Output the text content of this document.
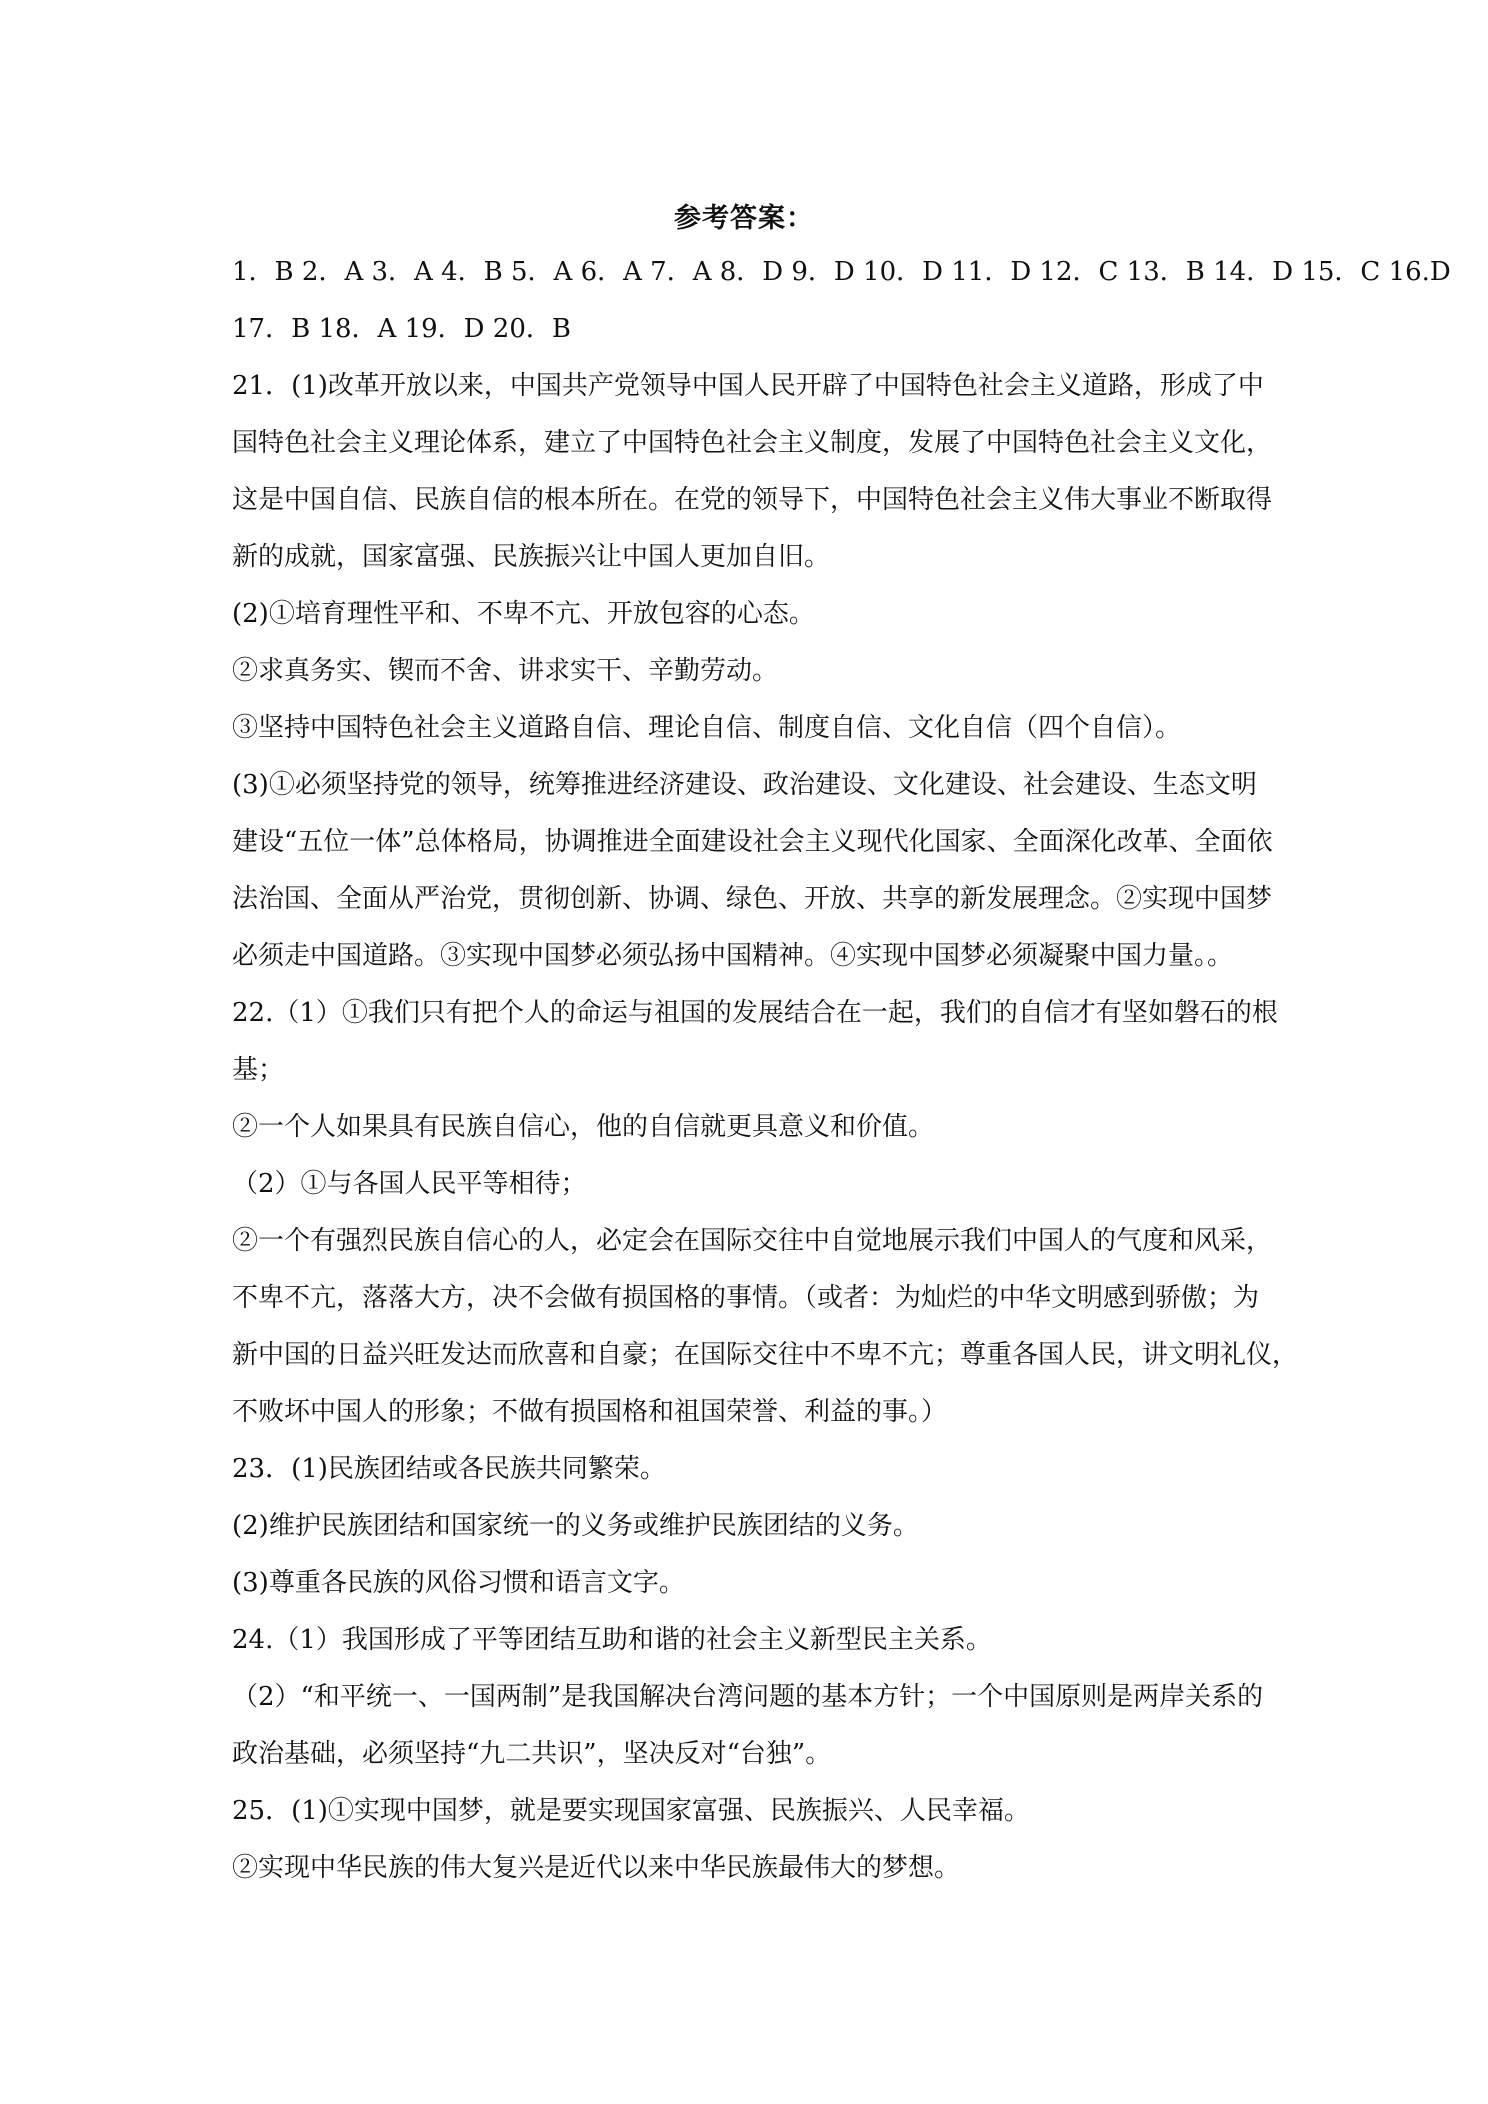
参考答案：
1．B 2．A 3．A 4．B 5．A 6．A 7．A 8．D 9．D 10．D 11．D 12．C 13．B 14．D 15．C 16.D
17．B 18．A 19．D 20．B
21．(1)改革开放以来，中国共产党领导中国人民开辟了中国特色社会主义道路，形成了中
国特色社会主义理论体系，建立了中国特色社会主义制度，发展了中国特色社会主义文化，
这是中国自信、民族自信的根本所在。在党的领导下，中国特色社会主义伟大事业不断取得
新的成就，国家富强、民族振兴让中国人更加自旧。
(2)①培育理性平和、不卑不亢、开放包容的心态。
②求真务实、锲而不舍、讲求实干、辛勤劳动。
③坚持中国特色社会主义道路自信、理论自信、制度自信、文化自信（四个自信）。
(3)①必须坚持党的领导，统筹推进经济建设、政治建设、文化建设、社会建设、生态文明
建设“五位一体”总体格局，协调推进全面建设社会主义现代化国家、全面深化改革、全面依
法治国、全面从严治党，贯彻创新、协调、绿色、开放、共享的新发展理念。②实现中国梦
必须走中国道路。③实现中国梦必须弘扬中国精神。④实现中国梦必须凝聚中国力量。。
22.（1）①我们只有把个人的命运与祖国的发展结合在一起，我们的自信才有坚如磐石的根
基；
②一个人如果具有民族自信心，他的自信就更具意义和价值。
（2）①与各国人民平等相待；
②一个有强烈民族自信心的人，必定会在国际交往中自觉地展示我们中国人的气度和风采，
不卑不亢，落落大方，决不会做有损国格的事情。（或者：为灿烂的中华文明感到骄傲；为
新中国的日益兴旺发达而欣喜和自豪；在国际交往中不卑不亢；尊重各国人民，讲文明礼仪，
不败坏中国人的形象；不做有损国格和祖国荣誉、利益的事。）
23．(1)民族团结或各民族共同繁荣。
(2)维护民族团结和国家统一的义务或维护民族团结的义务。
(3)尊重各民族的风俗习惯和语言文字。
24.（1）我国形成了平等团结互助和谐的社会主义新型民主关系。
（2）“和平统一、一国两制”是我国解决台湾问题的基本方针；一个中国原则是两岸关系的
政治基础，必须坚持“九二共识”，坚决反对“台独”。
25．(1)①实现中国梦，就是要实现国家富强、民族振兴、人民幸福。
②实现中华民族的伟大复兴是近代以来中华民族最伟大的梦想。
